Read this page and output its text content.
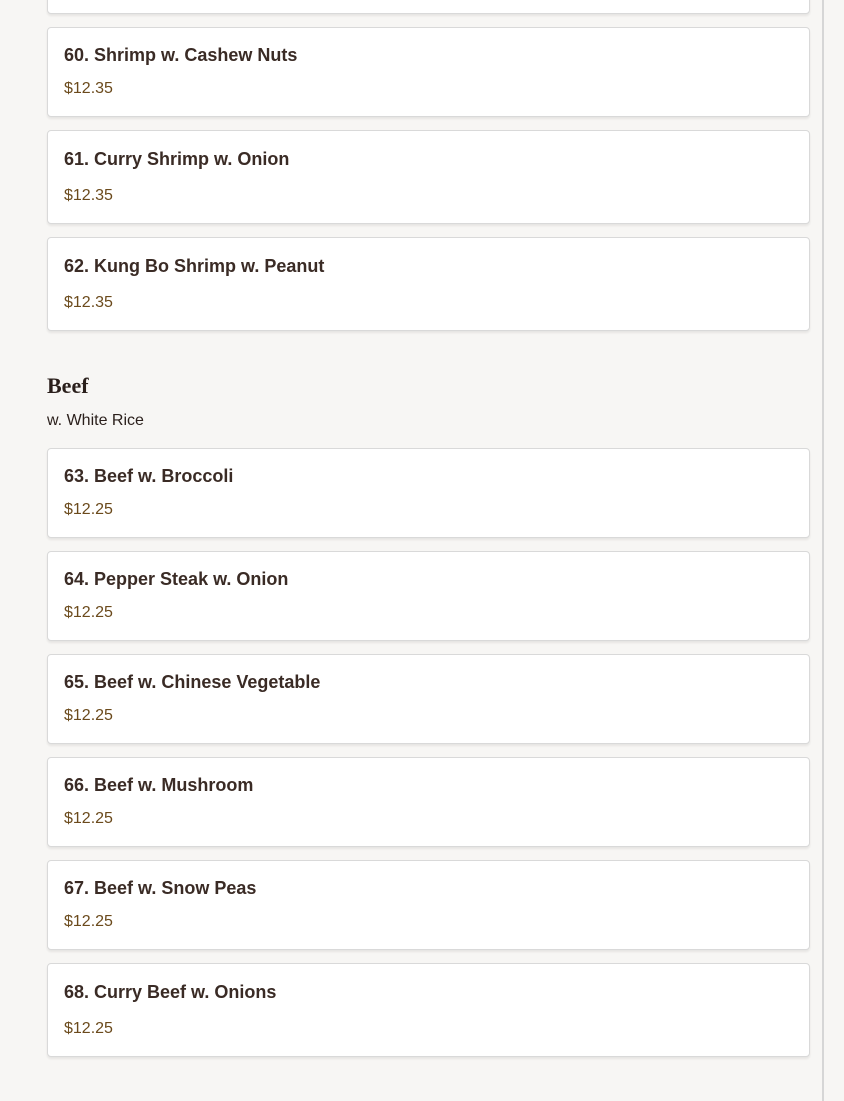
60. Shrimp w. Cashew Nuts
$12.35
61. Curry Shrimp w. Onion
$12.35
62. Kung Bo Shrimp w. Peanut
$12.35
Beef
w. White Rice
63. Beef w. Broccoli
$12.25
64. Pepper Steak w. Onion
$12.25
65. Beef w. Chinese Vegetable
$12.25
66. Beef w. Mushroom
$12.25
67. Beef w. Snow Peas
$12.25
68. Curry Beef w. Onions
$12.25
